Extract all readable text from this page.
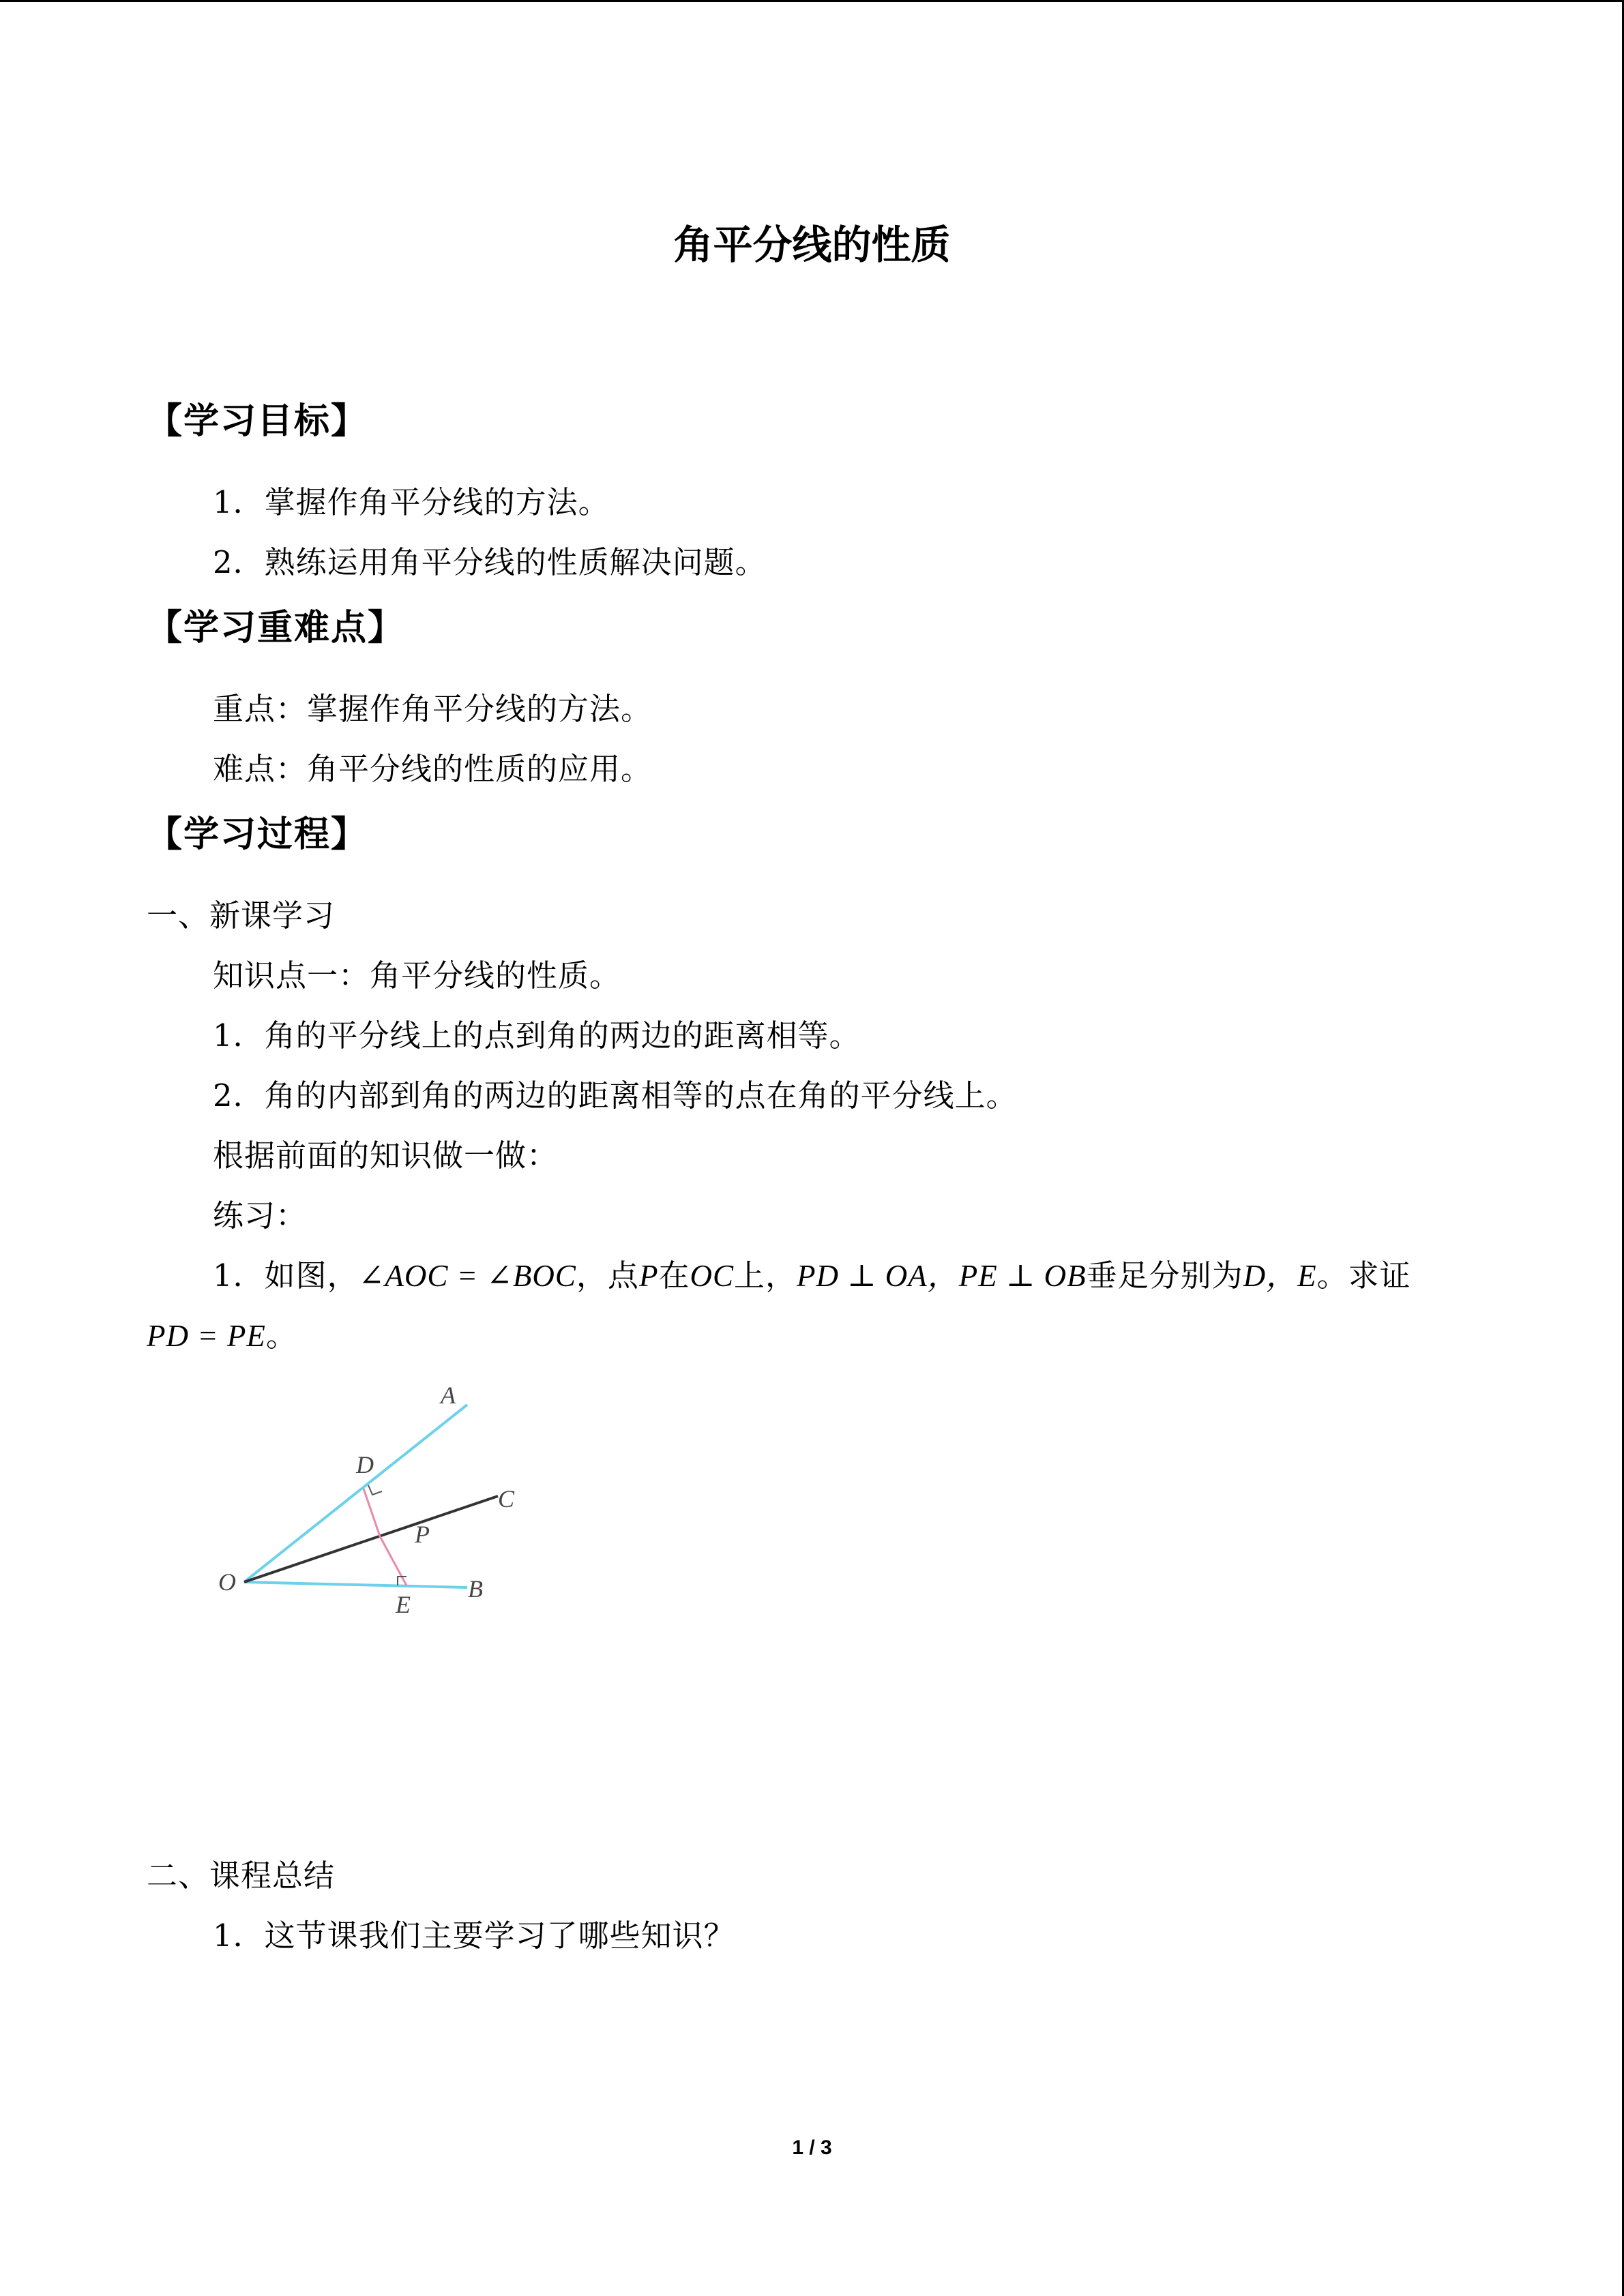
角平分线的性质
【学习目标】
1．掌握作角平分线的方法。
2．熟练运用角平分线的性质解决问题。
【学习重难点】
重点：掌握作角平分线的方法。
难点：角平分线的性质的应用。
【学习过程】
一、新课学习
知识点一：角平分线的性质。
1．角的平分线上的点到角的两边的距离相等。
2．角的内部到角的两边的距离相等的点在角的平分线上。
根据前面的知识做一做：
练习：
1．如图，∠AOC = ∠BOC，点P在OC上，PD ⊥ OA，PE ⊥ OB垂足分别为D，E。求证
PD = PE。
A
D
C
P
O
E
B
二、课程总结
1．这节课我们主要学习了哪些知识？
1 / 3
